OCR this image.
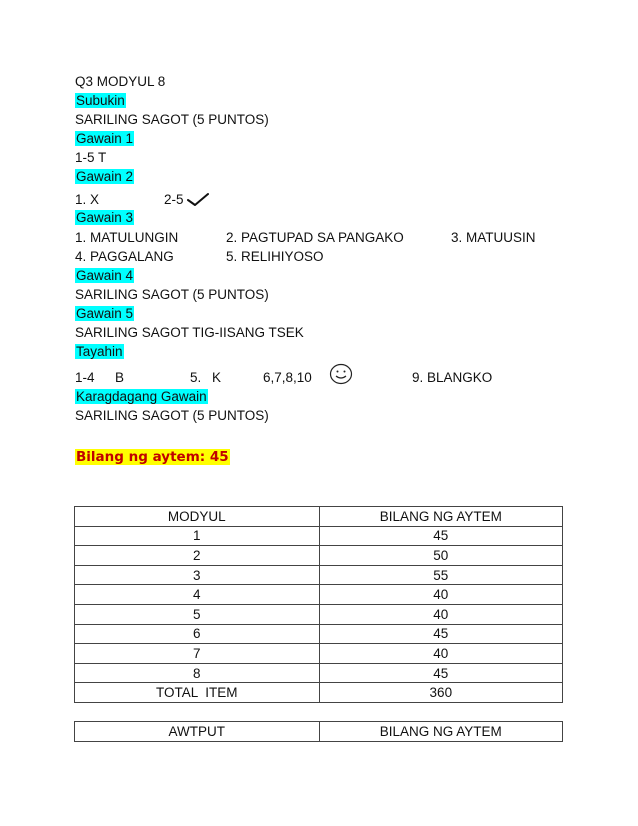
Q3 MODYUL 8
Subukin
SARILING SAGOT (5 PUNTOS)
Gawain 1
1-5 T
Gawain 2
1. X	2-5
Gawain 3
1. MATULUNGIN	2. PAGTUPAD SA PANGAKO	3. MATUUSIN
4. PAGGALANG	5. RELIHIYOSO
Gawain 4
SARILING SAGOT (5 PUNTOS)
Gawain 5
SARILING SAGOT TIG-IISANG TSEK
Tayahin
1-4 B	5. K	6,7,8,10	9. BLANGKO
Karagdagang Gawain
SARILING SAGOT (5 PUNTOS)
Bilang ng aytem: 45
MODYUL	BILANG NG AYTEM
1	45
2	50
3	55
4	40
5	40
6	45
7	40
8	45
TOTAL  ITEM	360
AWTPUT	BILANG NG AYTEM
